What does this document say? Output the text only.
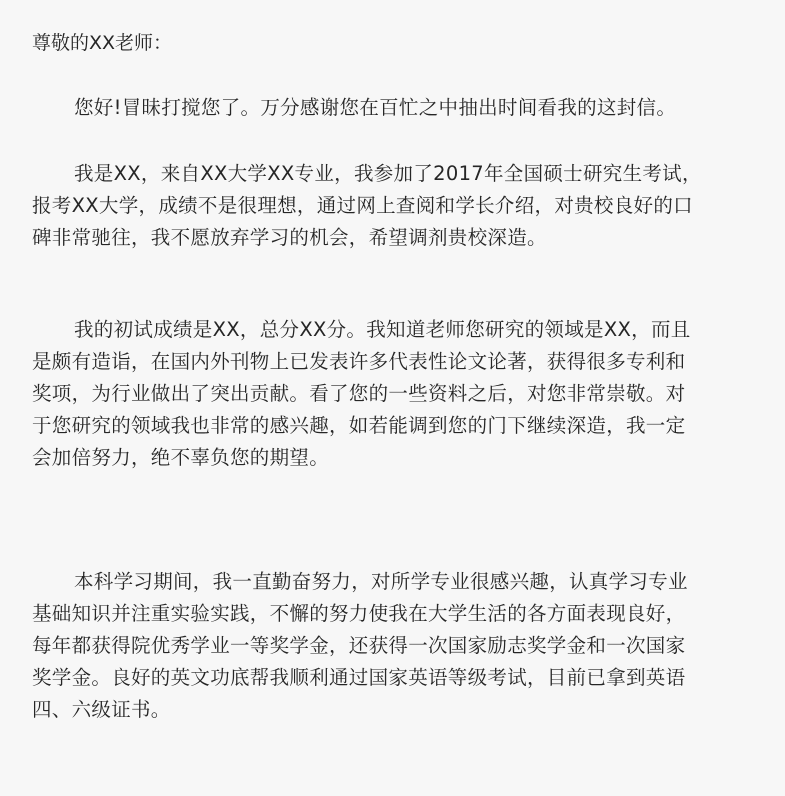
尊敬的XX老师：

您好!冒昧打搅您了。万分感谢您在百忙之中抽出时间看我的这封信。
我是XX，来自XX大学XX专业，我参加了2017年全国硕士研究生考试，
报考XX大学，成绩不是很理想，通过网上查阅和学长介绍，对贵校良好的口
碑非常驰往，我不愿放弃学习的机会，希望调剂贵校深造。
我的初试成绩是XX，总分XX分。我知道老师您研究的领域是XX，而且
是颇有造诣，在国内外刊物上已发表许多代表性论文论著，获得很多专利和
奖项，为行业做出了突出贡献。看了您的一些资料之后，对您非常崇敬。对
于您研究的领域我也非常的感兴趣，如若能调到您的门下继续深造，我一定
会加倍努力，绝不辜负您的期望。
本科学习期间，我一直勤奋努力，对所学专业很感兴趣，认真学习专业
基础知识并注重实验实践，不懈的努力使我在大学生活的各方面表现良好，
每年都获得院优秀学业一等奖学金，还获得一次国家励志奖学金和一次国家
奖学金。良好的英文功底帮我顺利通过国家英语等级考试，目前已拿到英语
四、六级证书。
